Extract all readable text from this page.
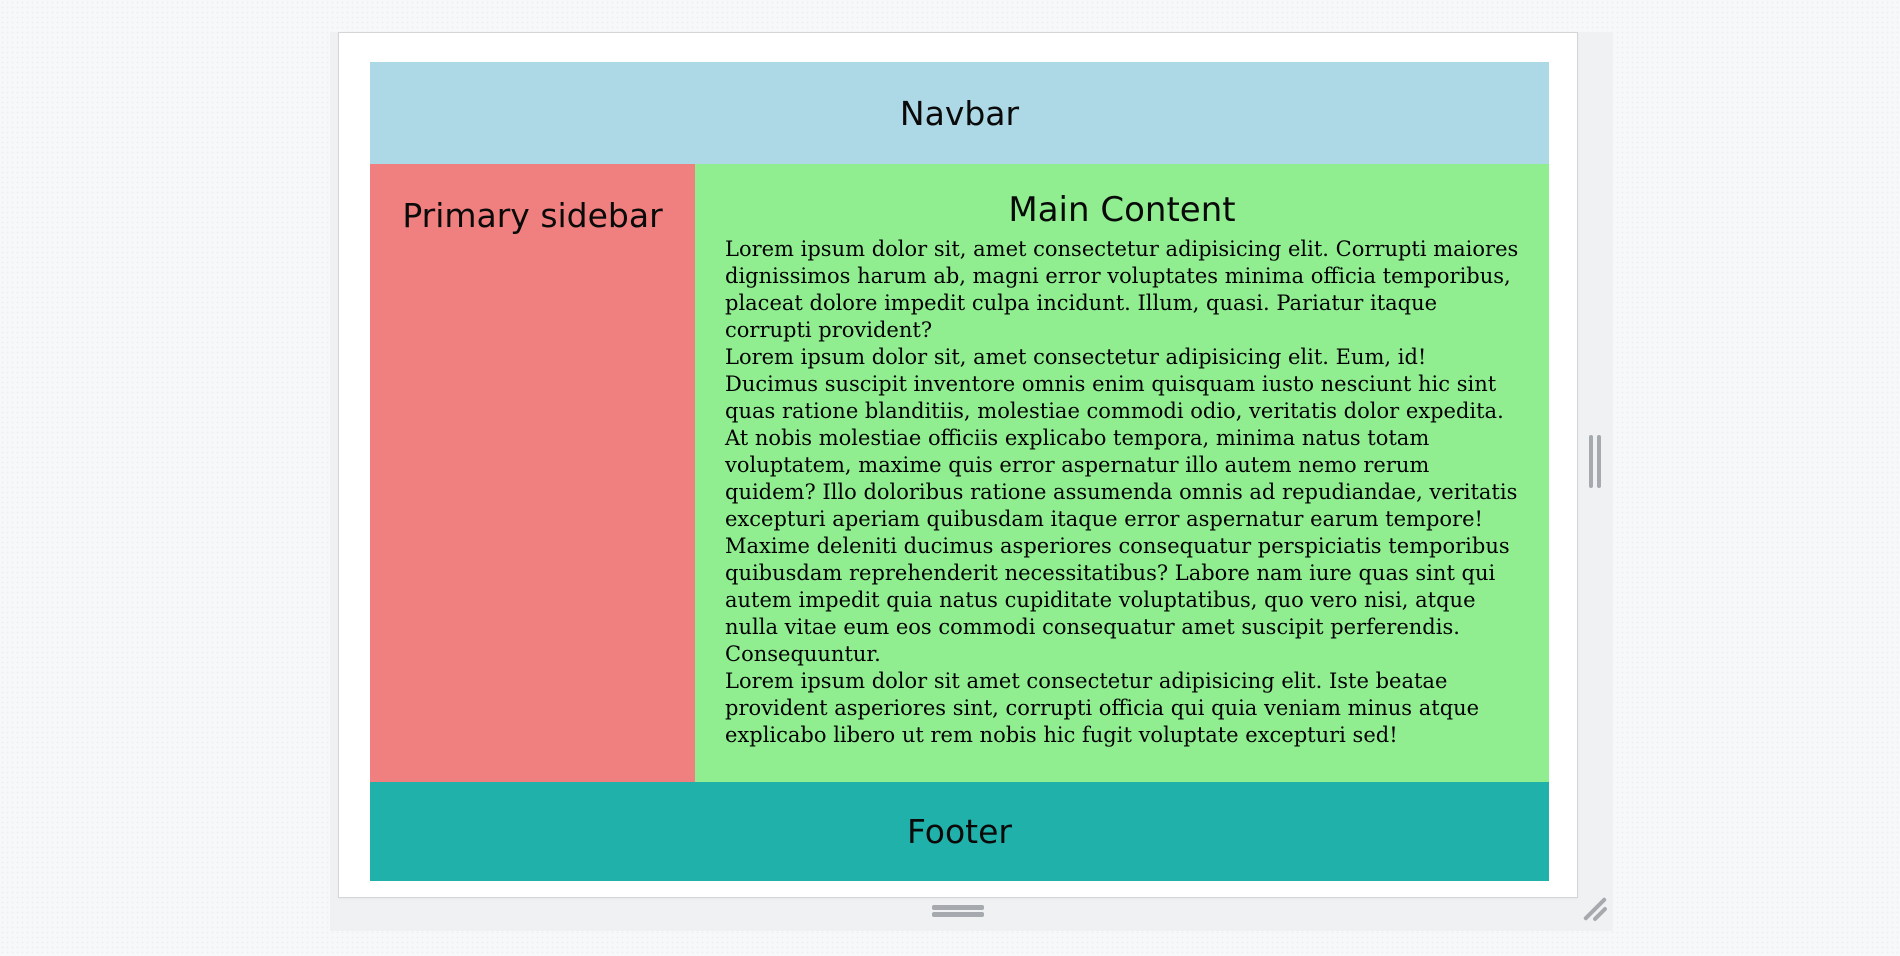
Navbar
Primary sidebar	Main Content

Lorem ipsum dolor sit, amet consectetur adipisicing elit. Corrupti maiores dignissimos harum ab, magni error voluptates minima officia temporibus, placeat dolore impedit culpa incidunt. Illum, quasi. Pariatur itaque corrupti provident?

Lorem ipsum dolor sit, amet consectetur adipisicing elit. Eum, id! Ducimus suscipit inventore omnis enim quisquam iusto nesciunt hic sint quas ratione blanditiis, molestiae commodi odio, veritatis dolor expedita. At nobis molestiae officiis explicabo tempora, minima natus totam voluptatem, maxime quis error aspernatur illo autem nemo rerum quidem? Illo doloribus ratione assumenda omnis ad repudiandae, veritatis excepturi aperiam quibusdam itaque error aspernatur earum tempore! Maxime deleniti ducimus asperiores consequatur perspiciatis temporibus quibusdam reprehenderit necessitatibus? Labore nam iure quas sint qui autem impedit quia natus cupiditate voluptatibus, quo vero nisi, atque nulla vitae eum eos commodi consequatur amet suscipit perferendis. Consequuntur.

Lorem ipsum dolor sit amet consectetur adipisicing elit. Iste beatae provident asperiores sint, corrupti officia qui quia veniam minus atque explicabo libero ut rem nobis hic fugit voluptate excepturi sed!

Footer
